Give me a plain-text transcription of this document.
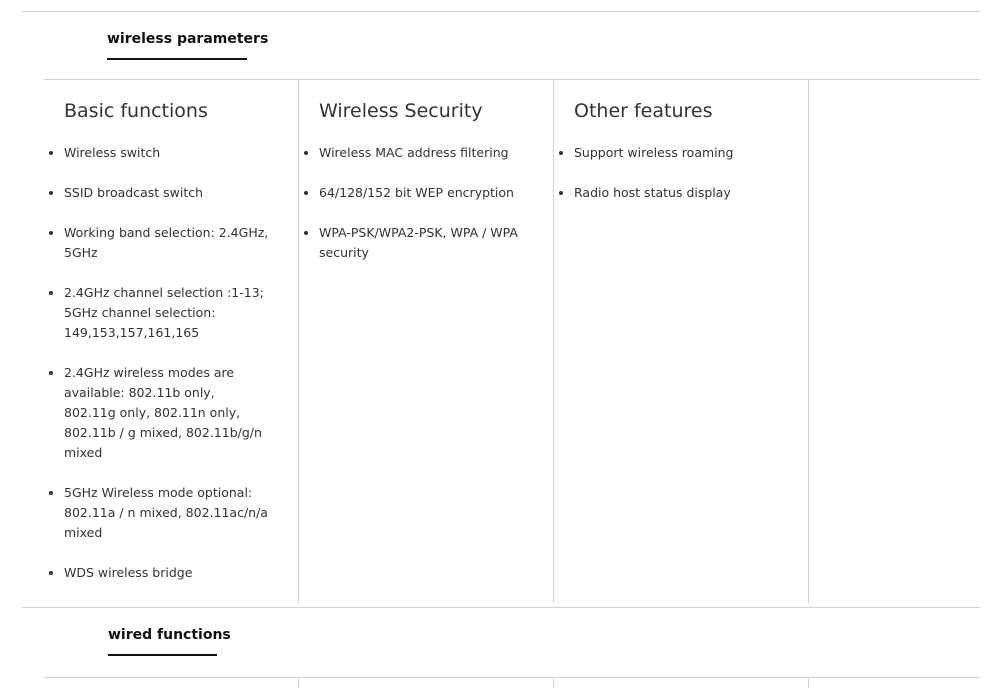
wireless parameters
Basic functions
Wireless switch
SSID broadcast switch
Working band selection: 2.4GHz, 5GHz
2.4GHz channel selection :1-13; 5GHz channel selection: 149,153,157,161,165
2.4GHz wireless modes are available: 802.11b only, 802.11g only, 802.11n only, 802.11b / g mixed, 802.11b/g/n mixed
5GHz Wireless mode optional: 802.11a / n mixed, 802.11ac/n/a mixed
WDS wireless bridge
Wireless Security
Wireless MAC address filtering
64/128/152 bit WEP encryption
WPA-PSK/WPA2-PSK, WPA / WPA security
Other features
Support wireless roaming
Radio host status display
wired functions
